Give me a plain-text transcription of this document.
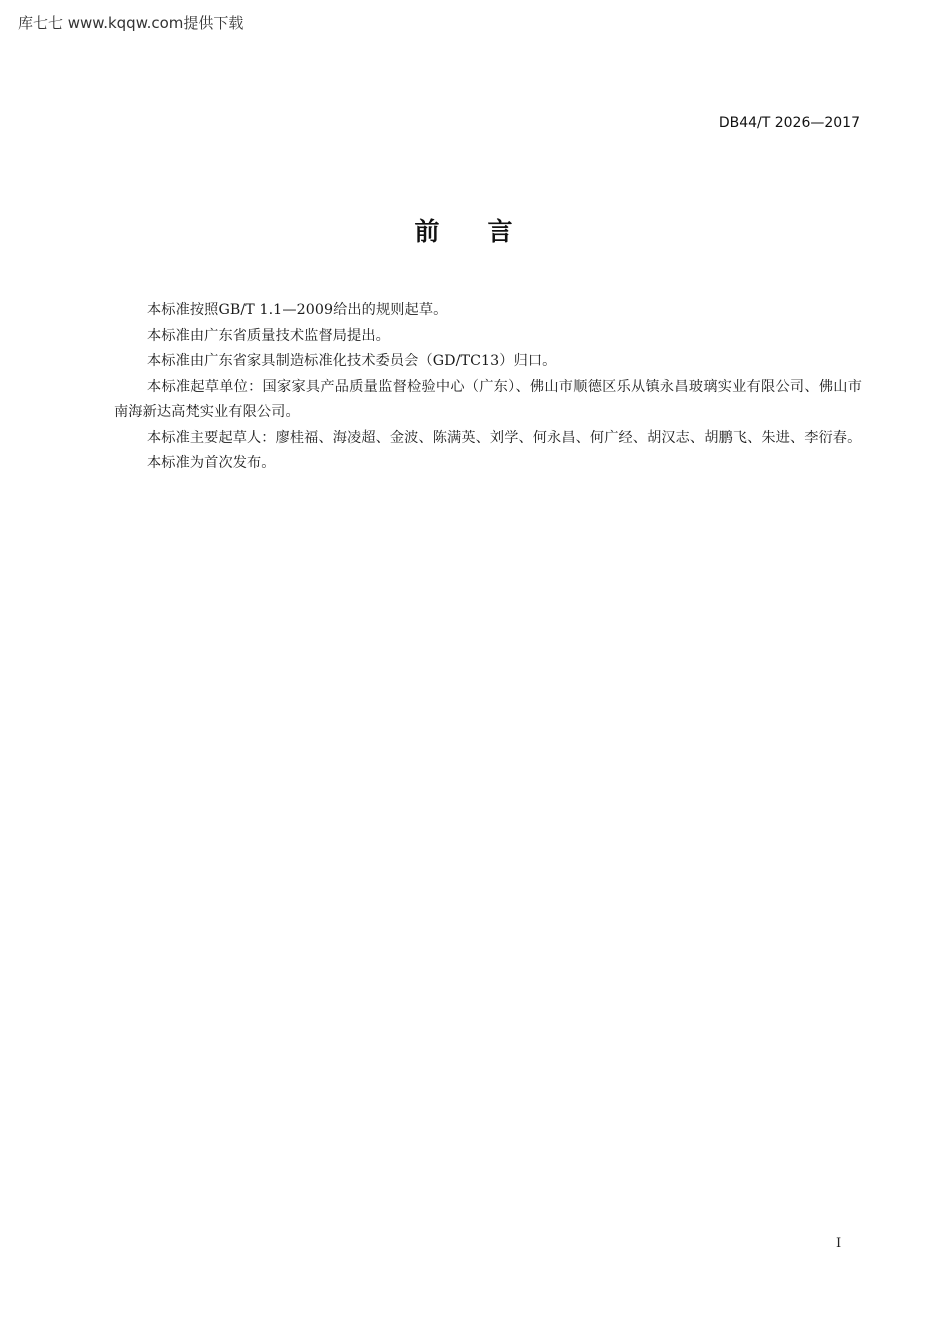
库七七 www.kqqw.com提供下载
DB44/T 2026—2017
前言

本标准按照GB/T 1.1—2009给出的规则起草。

本标准由广东省质量技术监督局提出。

本标准由广东省家具制造标准化技术委员会（GD/TC13）归口。

本标准起草单位：国家家具产品质量监督检验中心（广东）、佛山市顺德区乐从镇永昌玻璃实业有限公司、佛山市南海新达高梵实业有限公司。

本标准主要起草人：廖桂福、海凌超、金波、陈满英、刘学、何永昌、何广经、胡汉志、胡鹏飞、朱进、李衍春。

本标准为首次发布。

I
